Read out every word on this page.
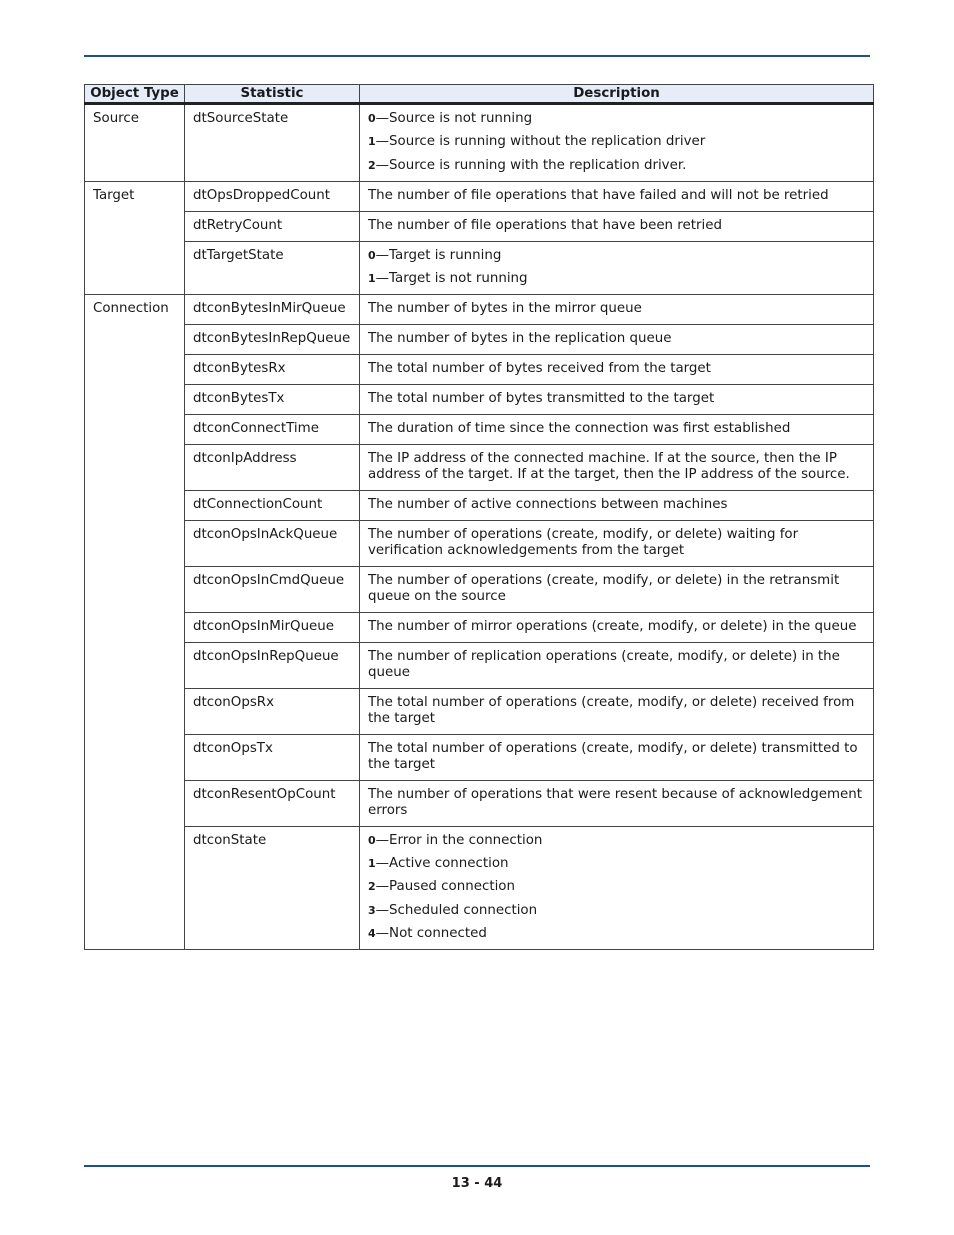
Object Type	Statistic	Description
Source	dtSourceState	0—Source is not running
1—Source is running without the replication driver
2—Source is running with the replication driver.

Target	dtOpsDroppedCount	The number of file operations that have failed and will not be retried
	dtRetryCount	The number of file operations that have been retried
	dtTargetState	0—Target is running
1—Target is not running

Connection	dtconBytesInMirQueue	The number of bytes in the mirror queue
	dtconBytesInRepQueue	The number of bytes in the replication queue
	dtconBytesRx	The total number of bytes received from the target
	dtconBytesTx	The total number of bytes transmitted to the target
	dtconConnectTime	The duration of time since the connection was first established
	dtconIpAddress	The IP address of the connected machine. If at the source, then the IP address of the target. If at the target, then the IP address of the source.
	dtConnectionCount	The number of active connections between machines
	dtconOpsInAckQueue	The number of operations (create, modify, or delete) waiting for verification acknowledgements from the target
	dtconOpsInCmdQueue	The number of operations (create, modify, or delete) in the retransmit queue on the source
	dtconOpsInMirQueue	The number of mirror operations (create, modify, or delete) in the queue
	dtconOpsInRepQueue	The number of replication operations (create, modify, or delete) in the queue
	dtconOpsRx	The total number of operations (create, modify, or delete) received from the target
	dtconOpsTx	The total number of operations (create, modify, or delete) transmitted to the target
	dtconResentOpCount	The number of operations that were resent because of acknowledgement errors
	dtconState	0—Error in the connection
1—Active connection
2—Paused connection
3—Scheduled connection
4—Not connected
13 - 44
